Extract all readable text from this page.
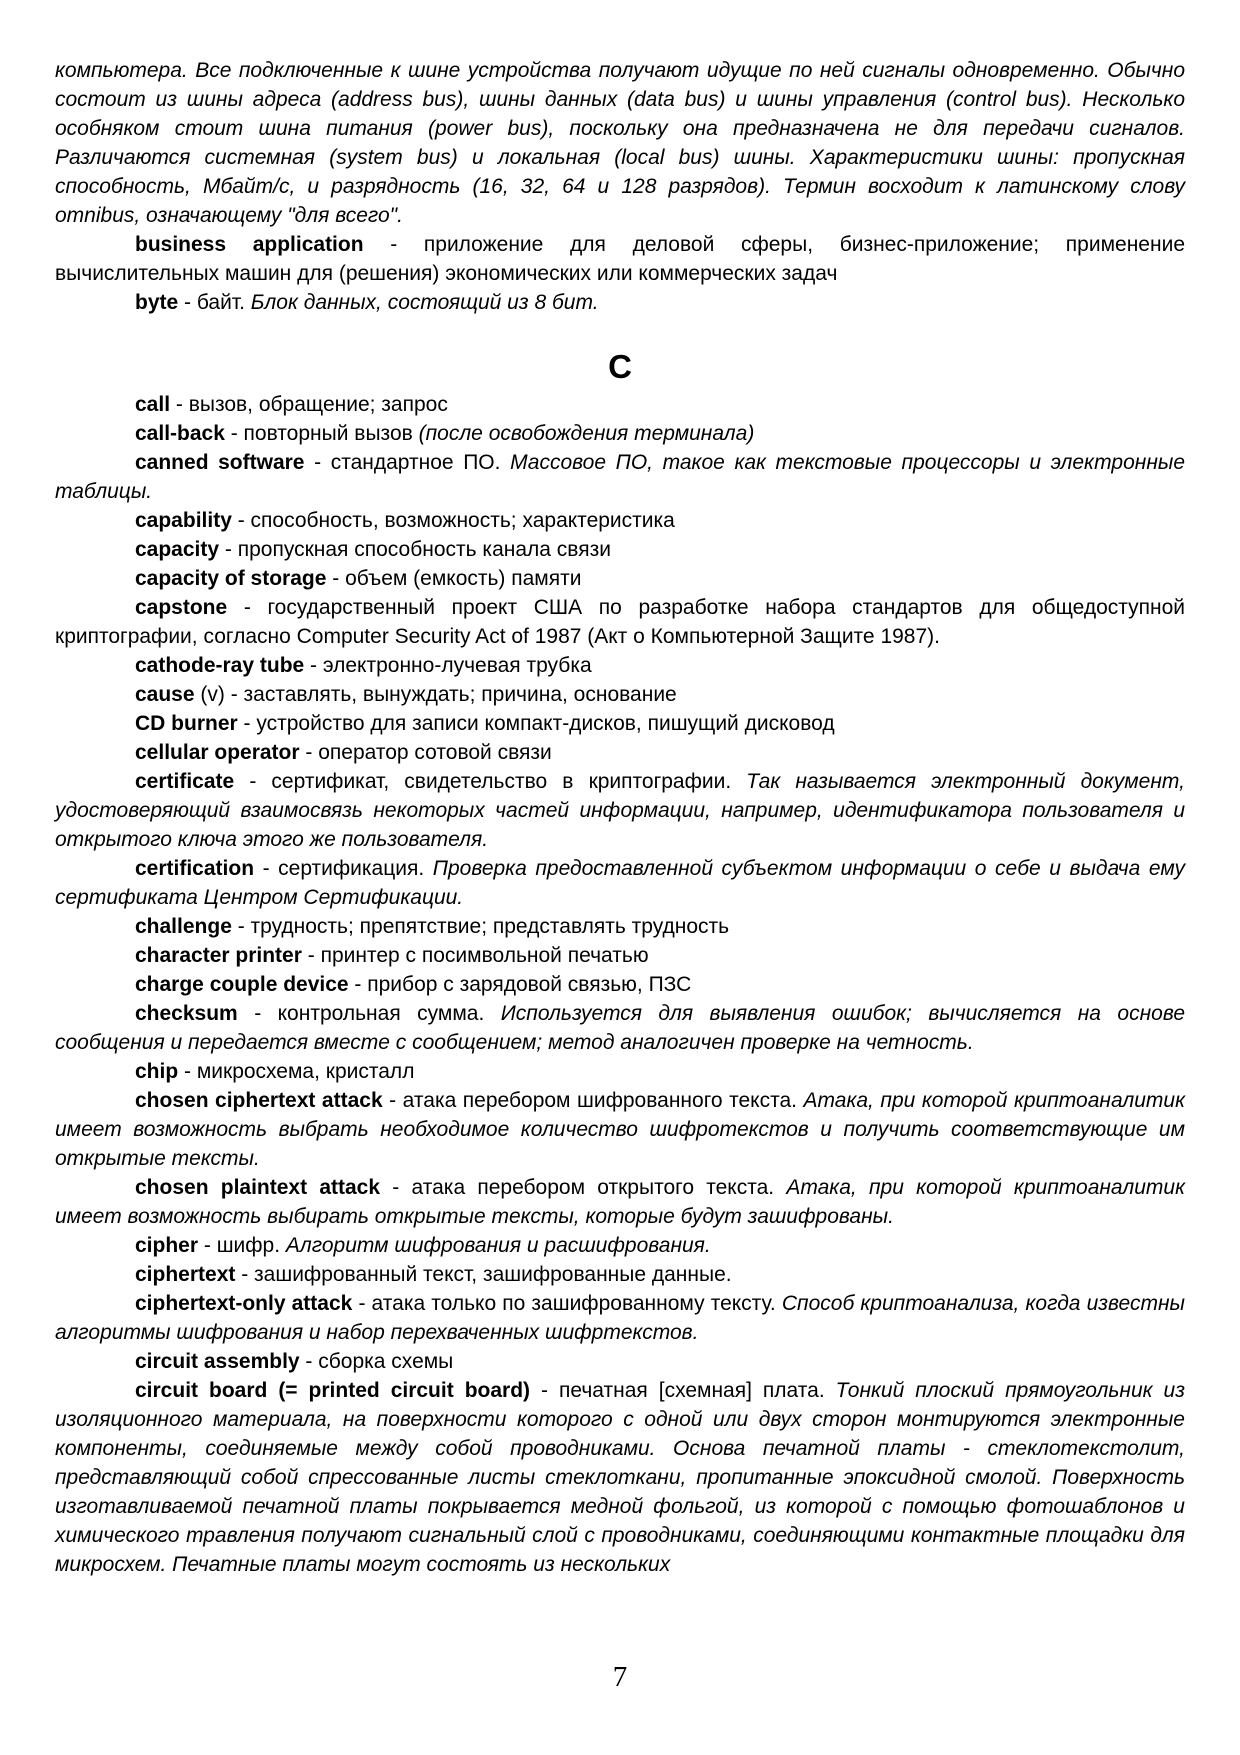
компьютера. Все подключенные к шине устройства получают идущие по ней сигналы одновременно. Обычно состоит из шины адреса (address bus), шины данных (data bus) и шины управления (control bus). Несколько особняком стоит шина питания (power bus), поскольку она предназначена не для передачи сигналов. Различаются системная (system bus) и локальная (local bus) шины. Характеристики шины: пропускная способность, Мбайт/с, и разрядность (16, 32, 64 и 128 разрядов). Термин восходит к латинскому слову omnibus, означающему "для всего".

business application - приложение для деловой сферы, бизнес-приложение; применение вычислительных машин для (решения) экономических или коммерческих задач

byte - байт. Блок данных, состоящий из 8 бит.

C

call - вызов, обращение; запрос

call-back - повторный вызов (после освобождения терминала)

canned software - стандартное ПО. Массовое ПО, такое как текстовые процессоры и электронные таблицы.

capability - способность, возможность; характеристика

capacity - пропускная способность канала связи

capacity of storage - объем (емкость) памяти

capstone - государственный проект США по разработке набора стандартов для общедоступной криптографии, согласно Computer Security Act of 1987 (Акт о Компьютерной Защите 1987).

cathode-ray tube - электронно-лучевая трубка

cause (v) - заставлять, вынуждать; причина, основание

CD burner - устройство для записи компакт-дисков, пишущий дисковод

cellular operator - оператор сотовой связи

certificate - сертификат, свидетельство в криптографии. Так называется электронный документ, удостоверяющий взаимосвязь некоторых частей информации, например, идентификатора пользователя и открытого ключа этого же пользователя.

certification - сертификация. Проверка предоставленной субъектом информации о себе и выдача ему сертификата Центром Сертификации.

challenge - трудность; препятствие; представлять трудность

character printer - принтер с посимвольной печатью

charge couple device - прибор с зарядовой связью, ПЗС

checksum - контрольная сумма. Используется для выявления ошибок; вычисляется на основе сообщения и передается вместе с сообщением; метод аналогичен проверке на четность.

chip - микросхема, кристалл

chosen ciphertext attack - атака перебором шифрованного текста. Атака, при которой криптоаналитик имеет возможность выбрать необходимое количество шифротекстов и получить соответствующие им открытые тексты.

chosen plaintext attack - атака перебором открытого текста. Атака, при которой криптоаналитик имеет возможность выбирать открытые тексты, которые будут зашифрованы.

cipher - шифр. Алгоритм шифрования и расшифрования.

ciphertext - зашифрованный текст, зашифрованные данные.

ciphertext-only attack - атака только по зашифрованному тексту. Способ криптоанализа, когда известны алгоритмы шифрования и набор перехваченных шифртекстов.

circuit assembly - сборка схемы

circuit board (= printed circuit board) - печатная [схемная] плата. Тонкий плоский прямоугольник из изоляционного материала, на поверхности которого с одной или двух сторон монтируются электронные компоненты, соединяемые между собой проводниками. Основа печатной платы - стеклотекстолит, представляющий собой спрессованные листы стеклоткани, пропитанные эпоксидной смолой. Поверхность изготавливаемой печатной платы покрывается медной фольгой, из которой с помощью фотошаблонов и химического травления получают сигнальный слой с проводниками, соединяющими контактные площадки для микросхем. Печатные платы могут состоять из нескольких

7
